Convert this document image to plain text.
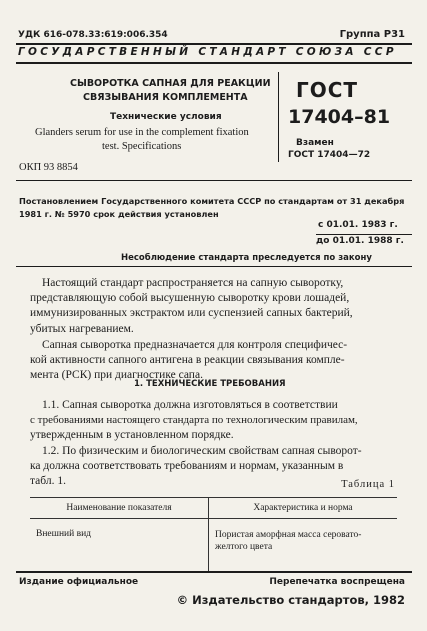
УДК 616-078.33:619:006.354	Группа Р31
ГОСУДАРСТВЕННЫЙ СТАНДАРТ СОЮЗА ССР
СЫВОРОТКА САПНАЯ ДЛЯ РЕАКЦИИ
СВЯЗЫВАНИЯ КОМПЛЕМЕНТА
Технические условия
Glanders serum for use in the complement fixation
test. Specifications
ГОСТ
17404–81
Взамен
ГОСТ 17404—72
ОКП 93 8854
Постановлением Государственного комитета СССР по стандартам от 31 декабря
1981 г. № 5970 срок действия установлен
с 01.01. 1983 г.
до 01.01. 1988 г.
Несоблюдение стандарта преследуется по закону
Настоящий стандарт распространяется на сапную сыворотку,
представляющую собой высушенную сыворотку крови лошадей,
иммунизированных экстрактом или суспензией сапных бактерий,
убитых нагреванием.
Сапная сыворотка предназначается для контроля специфичес-
кой активности сапного антигена в реакции связывания компле-
мента (РСК) при диагностике сапа.
1. ТЕХНИЧЕСКИЕ ТРЕБОВАНИЯ
1.1. Сапная сыворотка должна изготовляться в соответствии
с требованиями настоящего стандарта по технологическим правилам,
утвержденным в установленном порядке.
1.2. По физическим и биологическим свойствам сапная сыворот-
ка должна соответствовать требованиям и нормам, указанным в
табл. 1.	Таблица 1
Наименование показателя	Характеристика и норма
Внешний вид	Пористая аморфная масса серовато-желтого цвета
Издание официальное	Перепечатка воспрещена
© Издательство стандартов, 1982
